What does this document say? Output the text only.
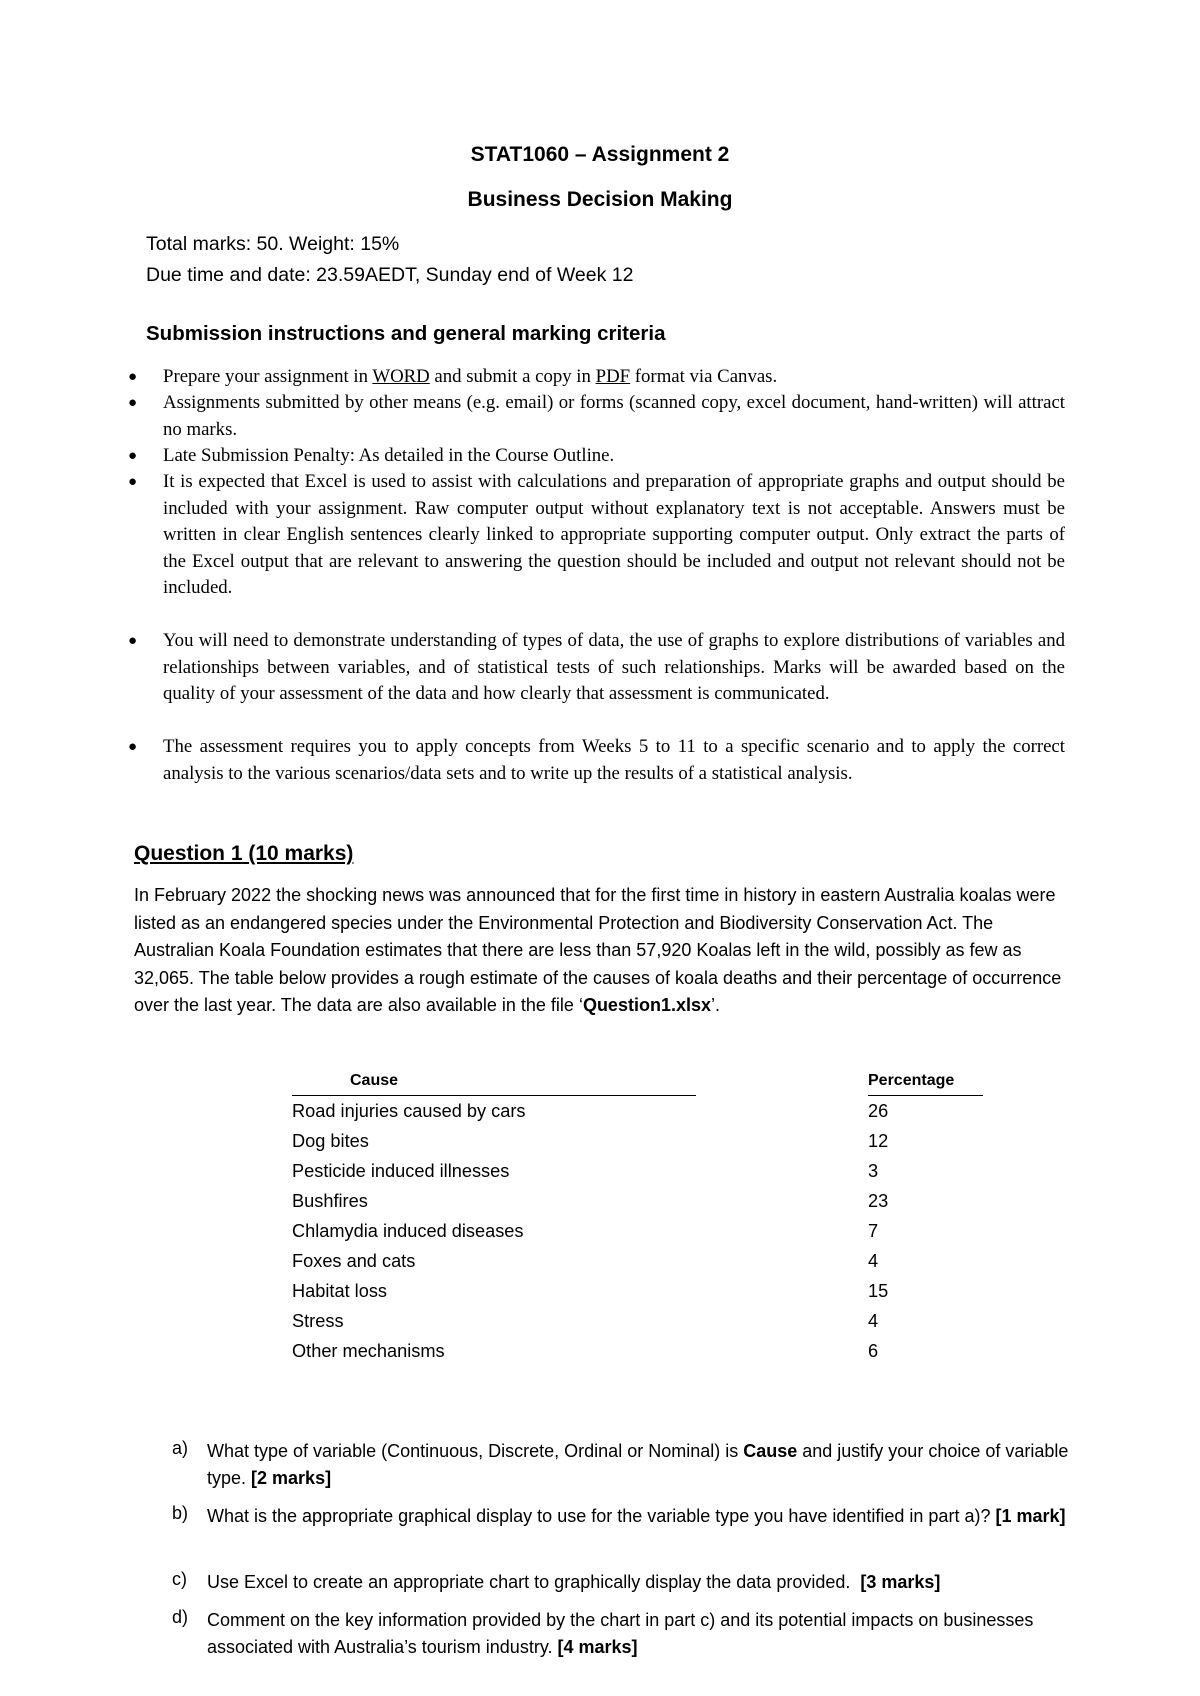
STAT1060 – Assignment 2
Business Decision Making
Total marks: 50. Weight: 15%
Due time and date: 23.59AEDT, Sunday end of Week 12
Submission instructions and general marking criteria
● Prepare your assignment in WORD and submit a copy in PDF format via Canvas.
● Assignments submitted by other means (e.g. email) or forms (scanned copy, excel document, hand-written) will attract no marks.
● Late Submission Penalty: As detailed in the Course Outline.
● It is expected that Excel is used to assist with calculations and preparation of appropriate graphs and output should be included with your assignment. Raw computer output without explanatory text is not acceptable. Answers must be written in clear English sentences clearly linked to appropriate supporting computer output. Only extract the parts of the Excel output that are relevant to answering the question should be included and output not relevant should not be included.
● You will need to demonstrate understanding of types of data, the use of graphs to explore distributions of variables and relationships between variables, and of statistical tests of such relationships. Marks will be awarded based on the quality of your assessment of the data and how clearly that assessment is communicated.
● The assessment requires you to apply concepts from Weeks 5 to 11 to a specific scenario and to apply the correct analysis to the various scenarios/data sets and to write up the results of a statistical analysis.
Question 1 (10 marks)
In February 2022 the shocking news was announced that for the first time in history in eastern Australia koalas were listed as an endangered species under the Environmental Protection and Biodiversity Conservation Act. The Australian Koala Foundation estimates that there are less than 57,920 Koalas left in the wild, possibly as few as 32,065. The table below provides a rough estimate of the causes of koala deaths and their percentage of occurrence over the last year. The data are also available in the file ‘Question1.xlsx’.
Cause	Percentage
Road injuries caused by cars	26
Dog bites	12
Pesticide induced illnesses	3
Bushfires	23
Chlamydia induced diseases	7
Foxes and cats	4
Habitat loss	15
Stress	4
Other mechanisms	6
a) What type of variable (Continuous, Discrete, Ordinal or Nominal) is Cause and justify your choice of variable type. [2 marks]
b) What is the appropriate graphical display to use for the variable type you have identified in part a)? [1 mark]
c) Use Excel to create an appropriate chart to graphically display the data provided.  [3 marks]
d) Comment on the key information provided by the chart in part c) and its potential impacts on businesses associated with Australia’s tourism industry. [4 marks]
